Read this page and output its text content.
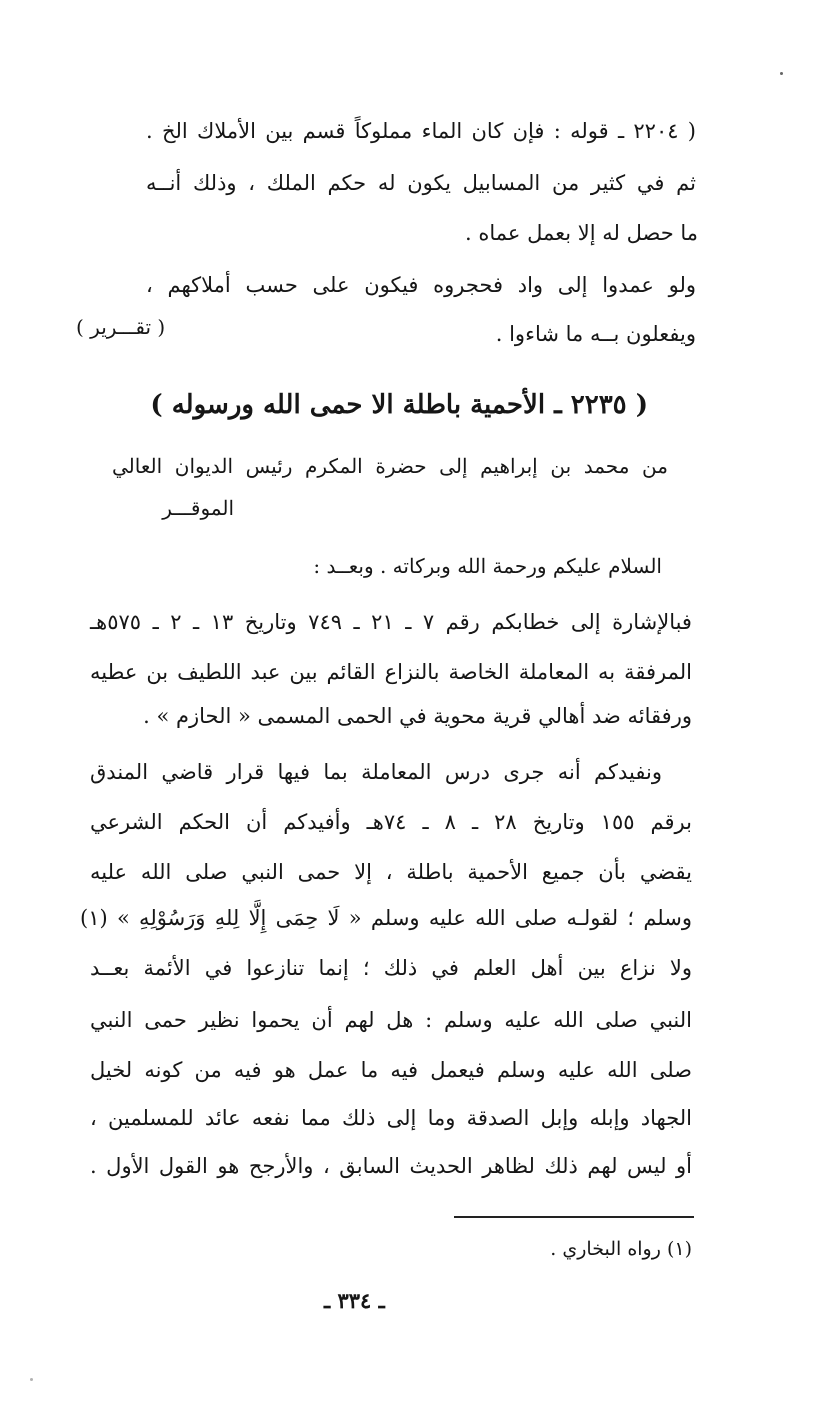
( ٢٢٠٤ ـ قوله : فإن كان الماء مملوكاً قسم بين الأملاك الخ .
ثم في كثير من المسابيل يكون له حكم الملك ، وذلك أنــه
ما حصل له إلا بعمل عماه .
ولو عمدوا إلى واد فحجروه فيكون على حسب أملاكهم ،
ويفعلون بــه ما شاءوا .
( تقـــرير )
( ٢٢٣٥ ـ الأحمية باطلة الا حمى الله ورسوله )
من محمد بن إبراهيم إلى حضرة المكرم رئيس الديوان العالي
الموقـــر
السلام عليكم ورحمة الله وبركاته . وبعــد :
فبالإشارة إلى خطابكم رقم ٧ ـ ٢١ ـ ٧٤٩ وتاريخ ١٣ ـ ٢ ـ ٥٧٥هـ
المرفقة به المعاملة الخاصة بالنزاع القائم بين عبد اللطيف بن عطيه
ورفقائه ضد أهالي قرية محوية في الحمى المسمى « الحازم » .
ونفيدكم أنه جرى درس المعاملة بما فيها قرار قاضي المندق
برقم ١٥٥ وتاريخ ٢٨ ـ ٨ ـ ٧٤هـ وأفيدكم أن الحكم الشرعي
يقضي بأن جميع الأحمية باطلة ، إلا حمى النبي صلى الله عليه
وسلم ؛ لقولـه صلى الله عليه وسلم « لَا حِمَى إِلَّا لِلهِ وَرَسُوْلِهِ » (١)
ولا نزاع بين أهل العلم في ذلك ؛ إنما تنازعوا في الأئمة بعــد
النبي صلى الله عليه وسلم : هل لهم أن يحموا نظير حمى النبي
صلى الله عليه وسلم فيعمل فيه ما عمل هو فيه من كونه لخيل
الجهاد وإبله وإبل الصدقة وما إلى ذلك مما نفعه عائد للمسلمين ،
أو ليس لهم ذلك لظاهر الحديث السابق ، والأرجح هو القول الأول .
(١) رواه البخاري .
ـ ٣٣٤ ـ
